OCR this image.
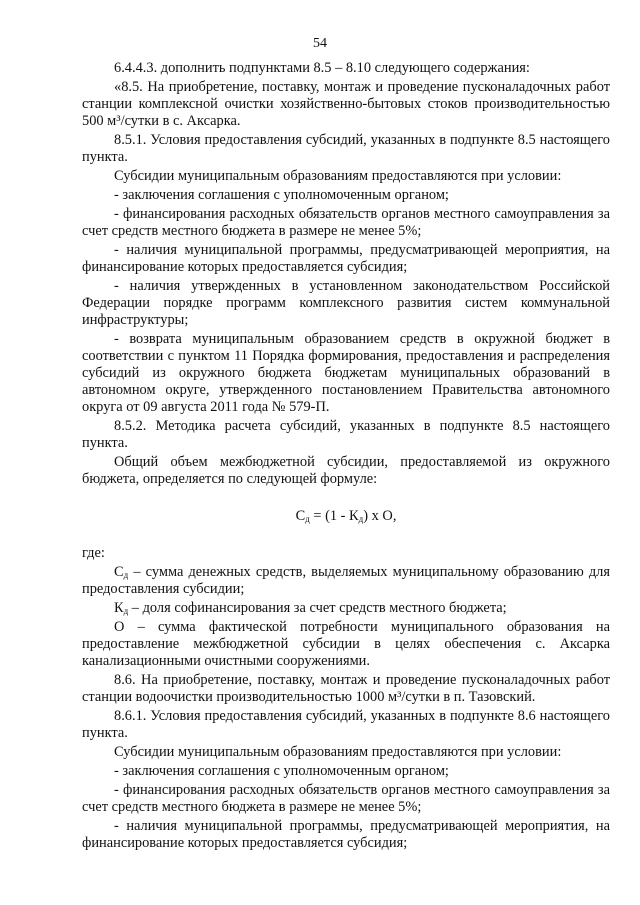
54

6.4.4.3. дополнить подпунктами 8.5 – 8.10 следующего содержания:

«8.5. На приобретение, поставку, монтаж и проведение пусконаладочных работ станции комплексной очистки хозяйственно-бытовых стоков производительностью 500 м³/сутки в с. Аксарка.

8.5.1. Условия предоставления субсидий, указанных в подпункте 8.5 настоящего пункта.

Субсидии муниципальным образованиям предоставляются при условии:

- заключения соглашения с уполномоченным органом;

- финансирования расходных обязательств органов местного самоуправления за счет средств местного бюджета в размере не менее 5%;

- наличия муниципальной программы, предусматривающей мероприятия, на финансирование которых предоставляется субсидия;

- наличия утвержденных в установленном законодательством Российской Федерации порядке программ комплексного развития систем коммунальной инфраструктуры;

- возврата муниципальным образованием средств в окружной бюджет в соответствии с пунктом 11 Порядка формирования, предоставления и распределения субсидий из окружного бюджета бюджетам муниципальных образований в автономном округе, утвержденного постановлением Правительства автономного округа от 09 августа 2011 года № 579-П.

8.5.2. Методика расчета субсидий, указанных в подпункте 8.5 настоящего пункта.

Общий объем межбюджетной субсидии, предоставляемой из окружного бюджета, определяется по следующей формуле:

$С_д = (1 - К_д)$ x О,

где:

$С_д$ – сумма денежных средств, выделяемых муниципальному образованию для предоставления субсидии;

$К_д$ – доля софинансирования за счет средств местного бюджета;

О – сумма фактической потребности муниципального образования на предоставление межбюджетной субсидии в целях обеспечения с. Аксарка канализационными очистными сооружениями.

8.6. На приобретение, поставку, монтаж и проведение пусконаладочных работ станции водоочистки производительностью 1000 м³/сутки в п. Тазовский.

8.6.1. Условия предоставления субсидий, указанных в подпункте 8.6 настоящего пункта.

Субсидии муниципальным образованиям предоставляются при условии:

- заключения соглашения с уполномоченным органом;

- финансирования расходных обязательств органов местного самоуправления за счет средств местного бюджета в размере не менее 5%;

- наличия муниципальной программы, предусматривающей мероприятия, на финансирование которых предоставляется субсидия;
